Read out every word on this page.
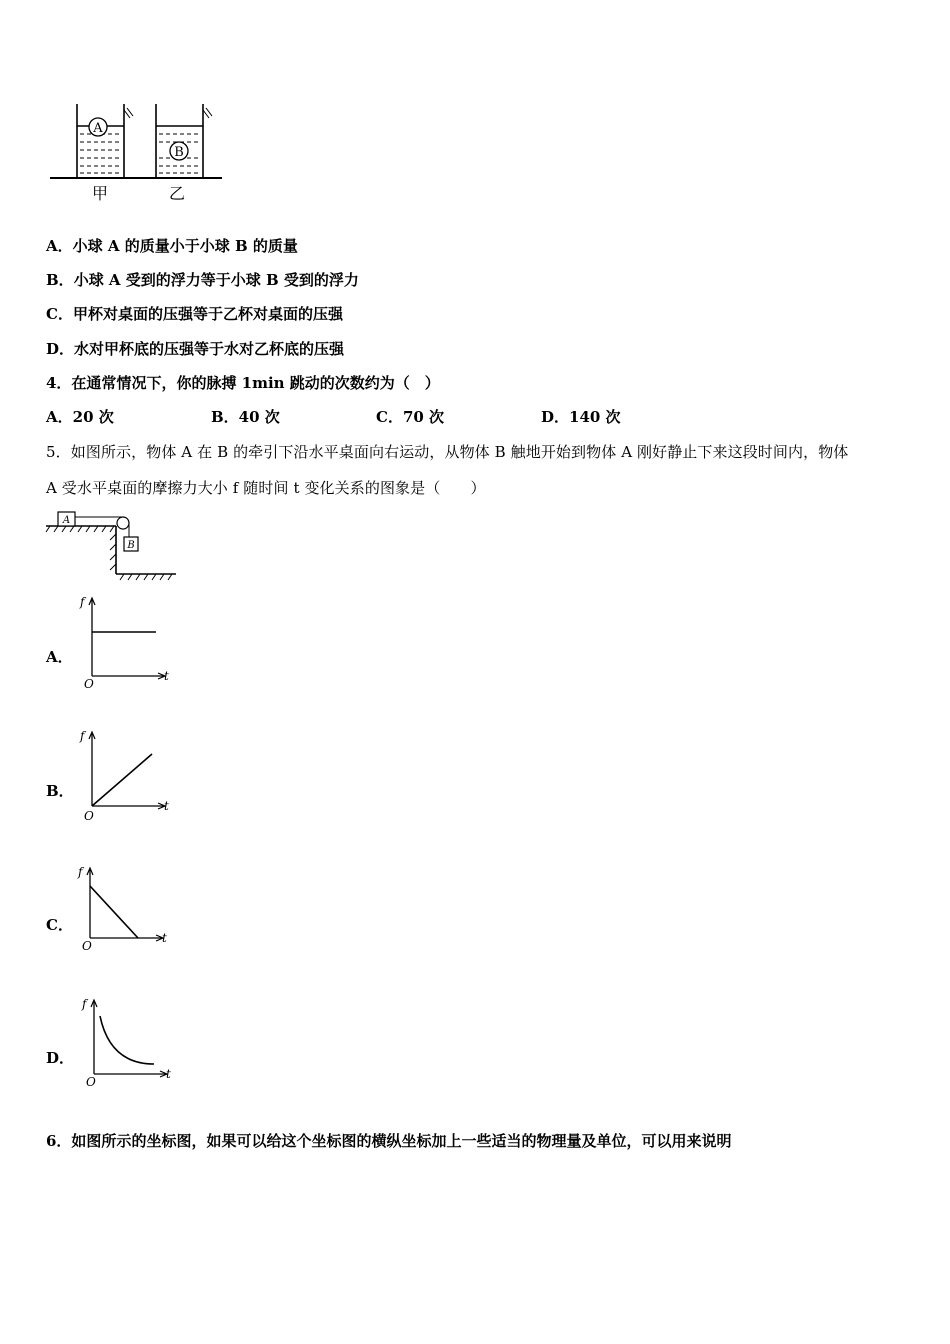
A
B
甲	乙
A．小球 A 的质量小于小球 B 的质量
B．小球 A 受到的浮力等于小球 B 受到的浮力
C．甲杯对桌面的压强等于乙杯对桌面的压强
D．水对甲杯底的压强等于水对乙杯底的压强
4．在通常情况下，你的脉搏 1min 跳动的次数约为（　）
A．20 次	B．40 次	C．70 次	D．140 次
5．如图所示，物体 A 在 B 的牵引下沿水平桌面向右运动，从物体 B 触地开始到物体 A 刚好静止下来这段时间内，物体
A 受水平桌面的摩擦力大小 f 随时间 t 变化关系的图象是（　　）
A
B
A．
f
t
O
B．
f
t
O
C．
f
t
O
D．
f
t
O
6．如图所示的坐标图，如果可以给这个坐标图的横纵坐标加上一些适当的物理量及单位，可以用来说明
